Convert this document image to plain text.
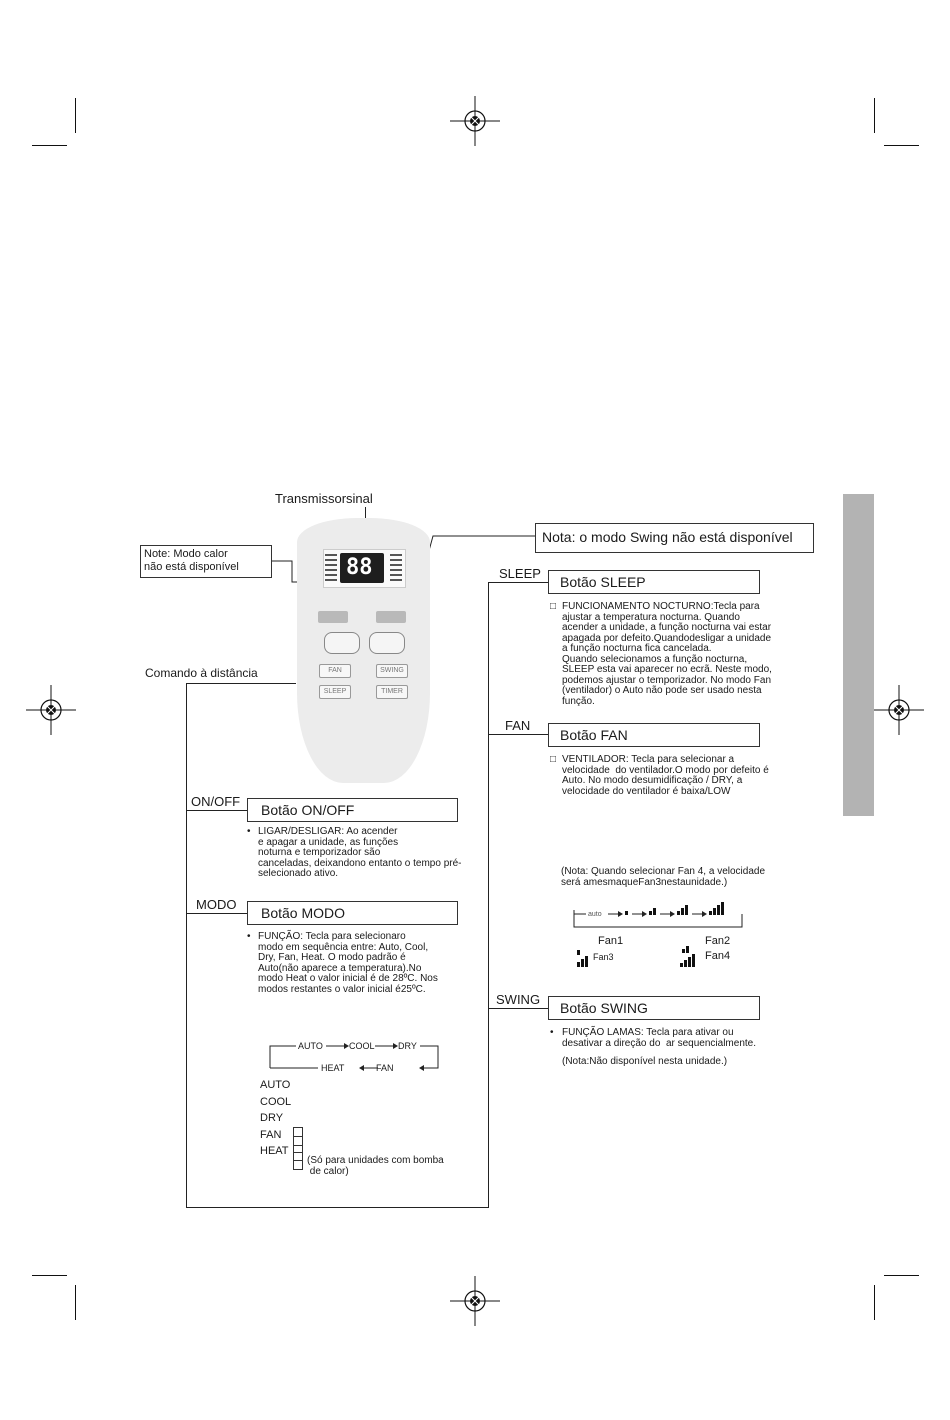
Transmissorsinal
Note: Modo calor
não está disponível
Nota: o modo Swing não está disponível
88
FAN	SWING
SLEEP	TIMER
Comando à distância
SLEEP
Botão SLEEP
□ FUNCIONAMENTO NOCTURNO:Tecla para
ajustar a temperatura nocturna. Quando
acender a unidade, a função nocturna vai estar
apagada por defeito.Quandodesligar a unidade
a função nocturna fica cancelada.
Quando selecionamos a função nocturna,
SLEEP esta vai aparecer no ecrã. Neste modo,
podemos ajustar o temporizador. No modo Fan
(ventilador) o Auto não pode ser usado nesta
função.
FAN
Botão FAN
□ VENTILADOR: Tecla para selecionar a
velocidade  do ventilador.O modo por defeito é
Auto. No modo desumidificação / DRY, a
velocidade do ventilador é baixa/LOW
(Nota: Quando selecionar Fan 4, a velocidade
será amesmaqueFan3nestaunidade.)
auto
Fan1	Fan2
Fan3	Fan4
ON/OFF
Botão ON/OFF
• LIGAR/DESLIGAR: Ao acender
e apagar a unidade, as funções
noturna e temporizador são
canceladas, deixandono entanto o tempo pré-
selecionado ativo.
MODO
Botão MODO
• FUNÇÃO: Tecla para selecionaro
modo em sequência entre: Auto, Cool,
Dry, Fan, Heat. O modo padrão é
Auto(não aparece a temperatura).No
modo Heat o valor inicial é de 28ºC. Nos
modos restantes o valor inicial é25ºC.
AUTO	COOL	DRY
FAN
HEAT
AUTO
COOL
DRY
FAN
HEAT
(Só para unidades com bomba
de calor)
SWING
Botão SWING
• FUNÇÃO LAMAS: Tecla para ativar ou
desativar a direção do  ar sequencialmente.
(Nota:Não disponível nesta unidade.)
